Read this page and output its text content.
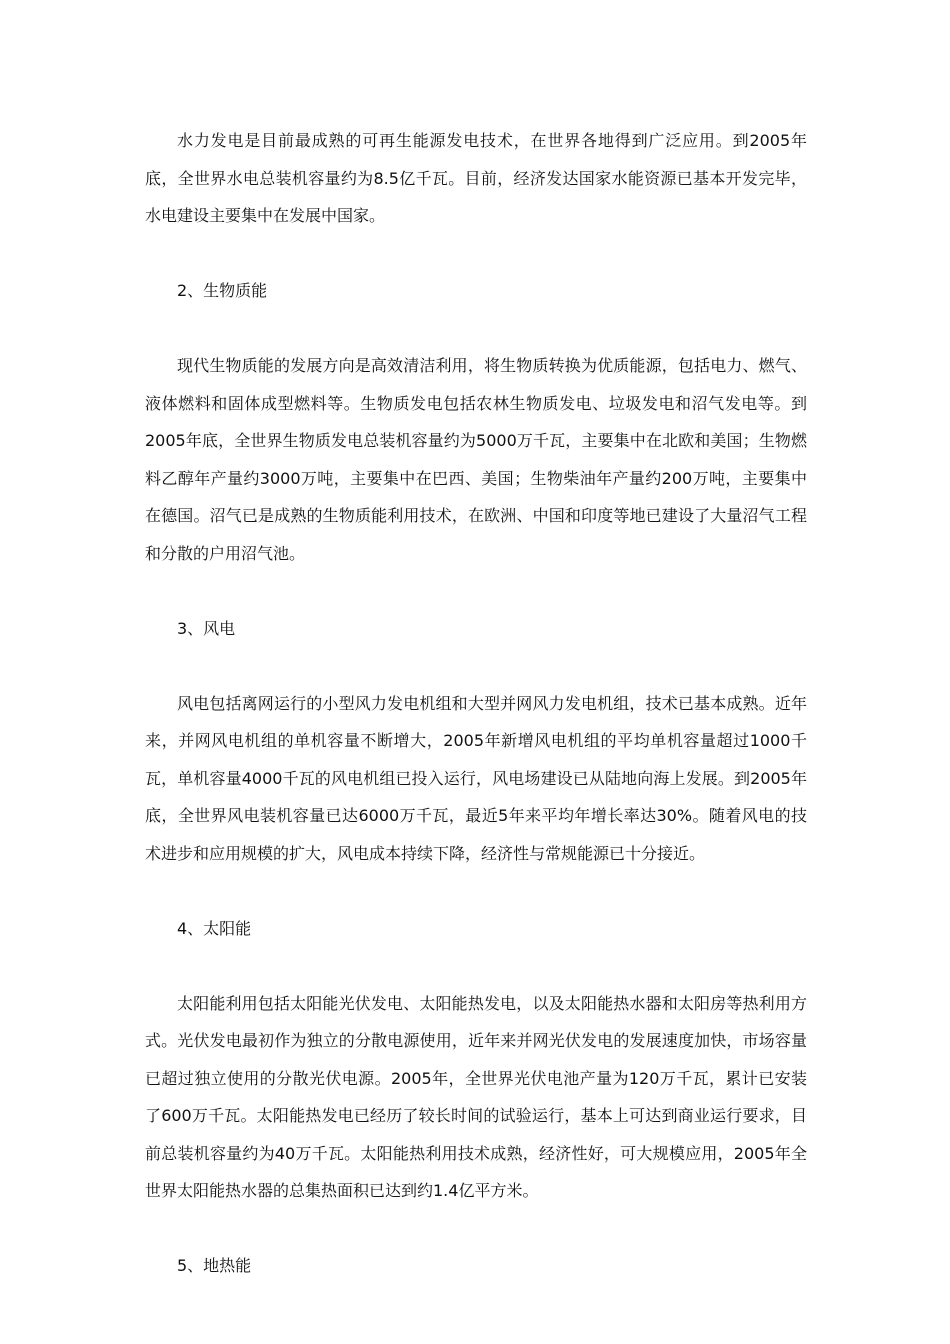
水力发电是目前最成熟的可再生能源发电技术，在世界各地得到广泛应用。到2005年底，全世界水电总装机容量约为8.5亿千瓦。目前，经济发达国家水能资源已基本开发完毕，水电建设主要集中在发展中国家。

2、生物质能

现代生物质能的发展方向是高效清洁利用，将生物质转换为优质能源，包括电力、燃气、液体燃料和固体成型燃料等。生物质发电包括农林生物质发电、垃圾发电和沼气发电等。到2005年底，全世界生物质发电总装机容量约为5000万千瓦，主要集中在北欧和美国；生物燃料乙醇年产量约3000万吨，主要集中在巴西、美国；生物柴油年产量约200万吨，主要集中在德国。沼气已是成熟的生物质能利用技术，在欧洲、中国和印度等地已建设了大量沼气工程和分散的户用沼气池。

3、风电

风电包括离网运行的小型风力发电机组和大型并网风力发电机组，技术已基本成熟。近年来，并网风电机组的单机容量不断增大，2005年新增风电机组的平均单机容量超过1000千瓦，单机容量4000千瓦的风电机组已投入运行，风电场建设已从陆地向海上发展。到2005年底，全世界风电装机容量已达6000万千瓦，最近5年来平均年增长率达30%。随着风电的技术进步和应用规模的扩大，风电成本持续下降，经济性与常规能源已十分接近。

4、太阳能

太阳能利用包括太阳能光伏发电、太阳能热发电，以及太阳能热水器和太阳房等热利用方式。光伏发电最初作为独立的分散电源使用，近年来并网光伏发电的发展速度加快，市场容量已超过独立使用的分散光伏电源。2005年，全世界光伏电池产量为120万千瓦，累计已安装了600万千瓦。太阳能热发电已经历了较长时间的试验运行，基本上可达到商业运行要求，目前总装机容量约为40万千瓦。太阳能热利用技术成熟，经济性好，可大规模应用，2005年全世界太阳能热水器的总集热面积已达到约1.4亿平方米。

5、地热能
